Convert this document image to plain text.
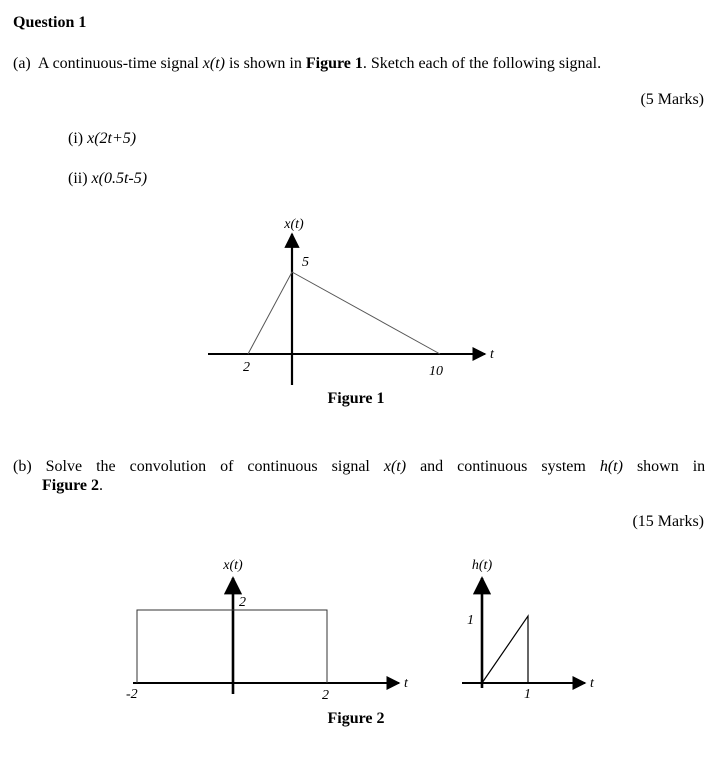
Question 1
(a) A continuous-time signal x(t) is shown in Figure 1. Sketch each of the following signal.
(5 Marks)
(i) x(2t+5)
(ii) x(0.5t-5)
(b) Solve the convolution of continuous signal x(t) and continuous system h(t) shown in
Figure 2.
(15 Marks)
x(t)
t
5
2	10
Figure 1
x(t)
t
2
-2	2
h(t)
t
1
1
Figure 2
